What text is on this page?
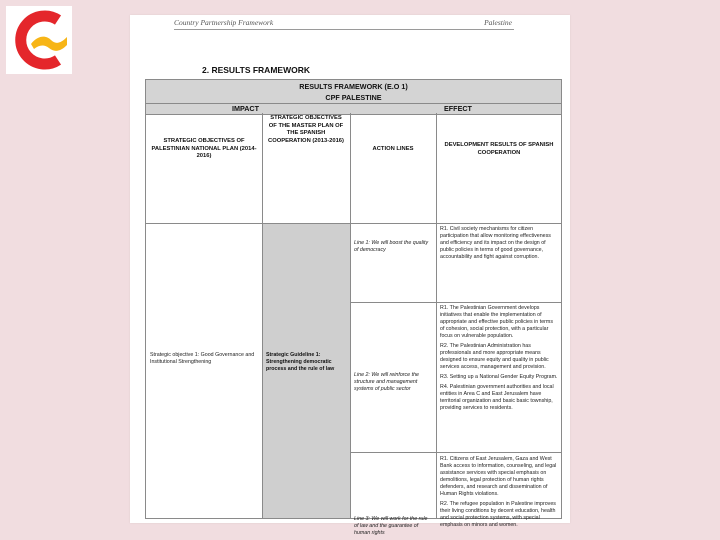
Country Partnership Framework	Palestine
2. RESULTS FRAMEWORK
RESULTS FRAMEWORK (E.O 1)
CPF PALESTINE
IMPACT	EFFECT
STRATEGIC OBJECTIVES OF PALESTINIAN NATIONAL PLAN (2014-2016)
STRATEGIC OBJECTIVES OF THE MASTER PLAN OF THE SPANISH COOPERATION (2013-2016)
ACTION LINES
DEVELOPMENT RESULTS OF SPANISH COOPERATION
Strategic objective 1: Good Governance and Institutional Strengthening
Strategic Guideline 1: Strengthening democratic process and the rule of law
Line 1: We will boost the quality of democracy
Line 2: We will reinforce the structure and management systems of public sector
Line 3: We will work for the rule of law and the guarantee of human rights

R1. Civil society mechanisms for citizen participation that allow monitoring effectiveness and efficiency and its impact on the design of public policies in terms of good governance, accountability and fight against corruption.

R1. The Palestinian Government develops initiatives that enable the implementation of appropriate and effective public policies in terms of cohesion, social protection, with a particular focus on vulnerable population.

R2. The Palestinian Administration has professionals and more appropriate means designed to ensure equity and quality in public services access, management and provision.

R3. Setting up a National Gender Equity Program.

R4. Palestinian government authorities and local entities in Area C and East Jerusalem have territorial organization and basic basic township, providing services to residents.

R1. Citizens of East Jerusalem, Gaza and West Bank access to information, counseling, and legal assistance services with special emphasis on demolitions, legal protection of human rights defenders, and research and dissemination of Human Rights violations.

R2. The refugee population in Palestine improves their living conditions by decent education, health and social protection systems, with special emphasis on minors and women.
